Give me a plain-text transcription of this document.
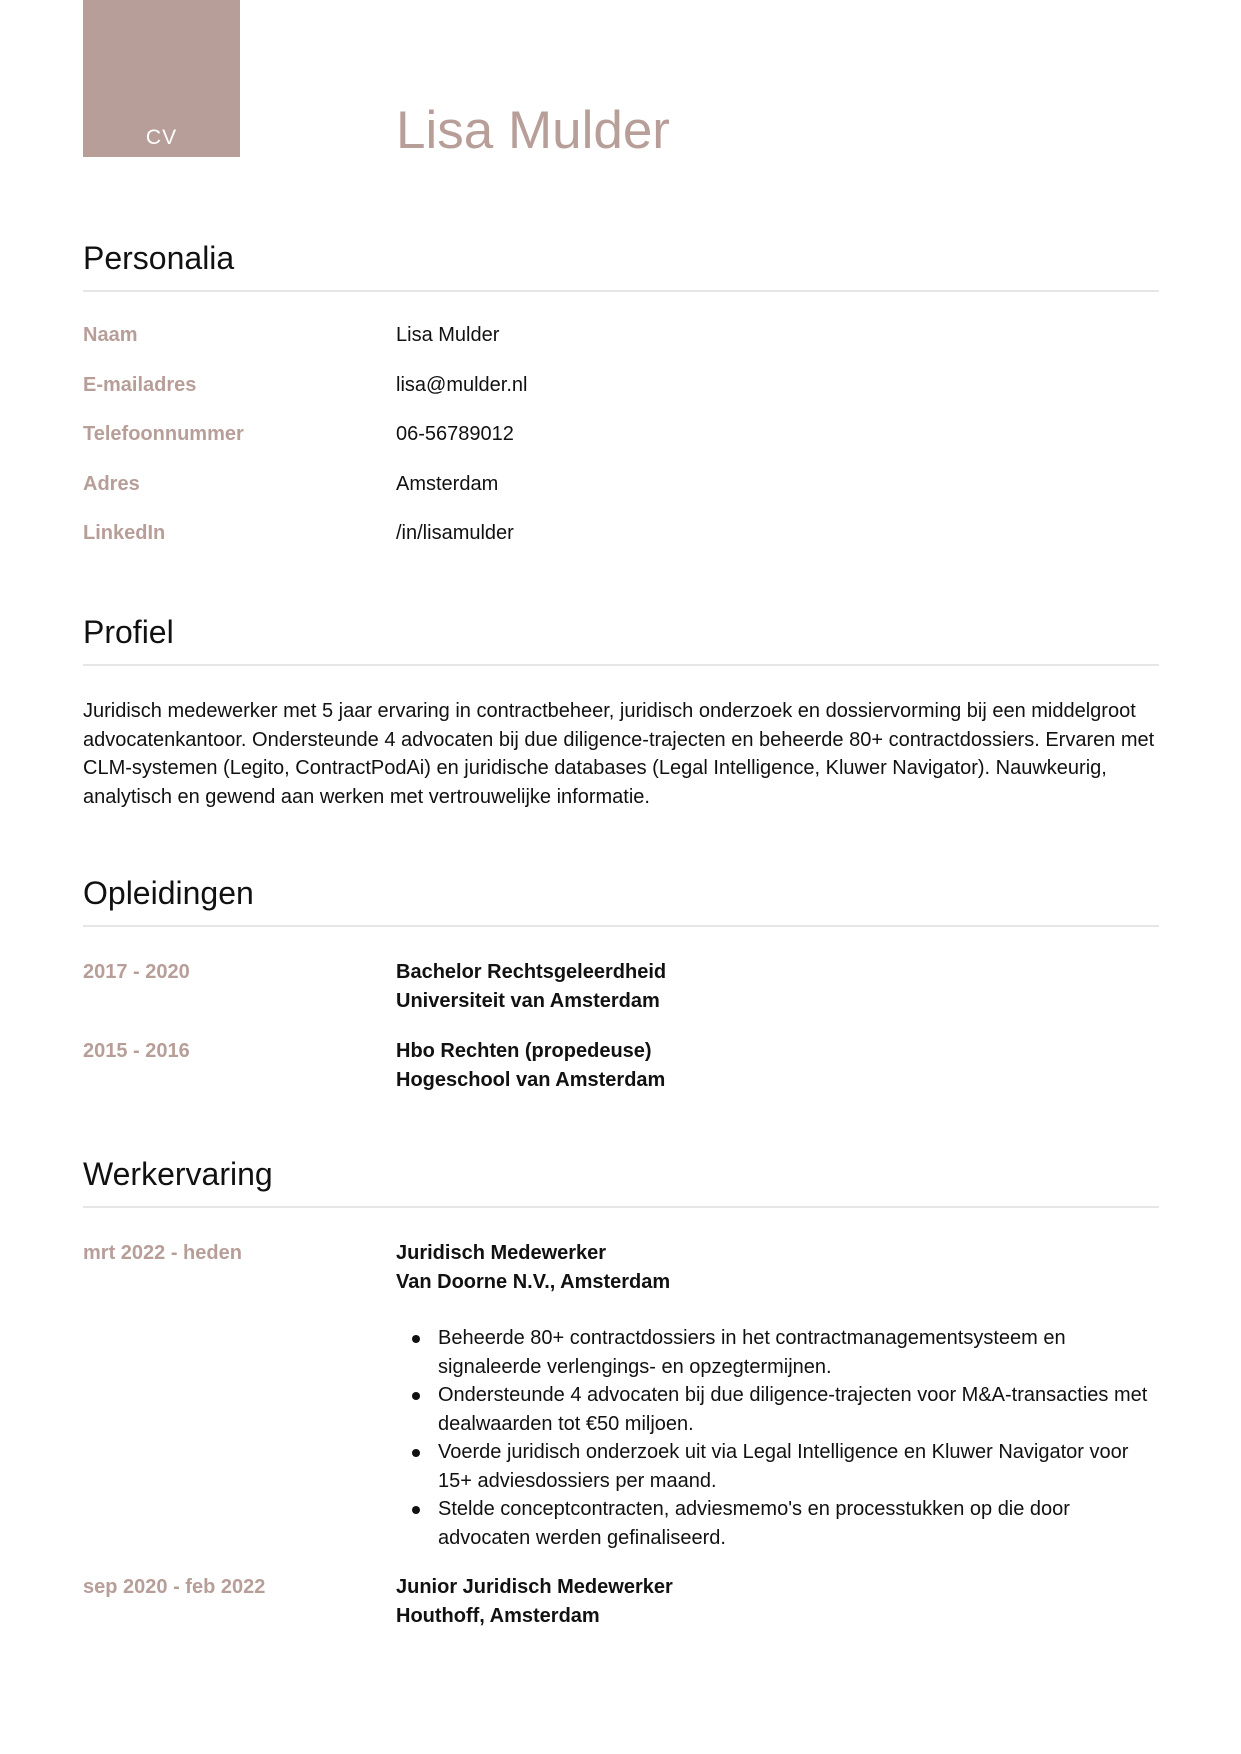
CV	Lisa Mulder
Personalia
Naam	Lisa Mulder
E-mailadres	lisa@mulder.nl
Telefoonnummer	06-56789012
Adres	Amsterdam
LinkedIn	/in/lisamulder
Profiel
Juridisch medewerker met 5 jaar ervaring in contractbeheer, juridisch onderzoek en dossiervorming bij een middelgroot advocatenkantoor. Ondersteunde 4 advocaten bij due diligence-trajecten en beheerde 80+ contractdossiers. Ervaren met CLM-systemen (Legito, ContractPodAi) en juridische databases (Legal Intelligence, Kluwer Navigator). Nauwkeurig, analytisch en gewend aan werken met vertrouwelijke informatie.
Opleidingen
2017 - 2020	Bachelor Rechtsgeleerdheid
Universiteit van Amsterdam
2015 - 2016	Hbo Rechten (propedeuse)
Hogeschool van Amsterdam
Werkervaring
mrt 2022 - heden	Juridisch Medewerker
Van Doorne N.V., Amsterdam
Beheerde 80+ contractdossiers in het contractmanagementsysteem en signaleerde verlengings- en opzegtermijnen.
Ondersteunde 4 advocaten bij due diligence-trajecten voor M&A-transacties met dealwaarden tot €50 miljoen.
Voerde juridisch onderzoek uit via Legal Intelligence en Kluwer Navigator voor 15+ adviesdossiers per maand.
Stelde conceptcontracten, adviesmemo's en processtukken op die door advocaten werden gefinaliseerd.
sep 2020 - feb 2022	Junior Juridisch Medewerker
Houthoff, Amsterdam
